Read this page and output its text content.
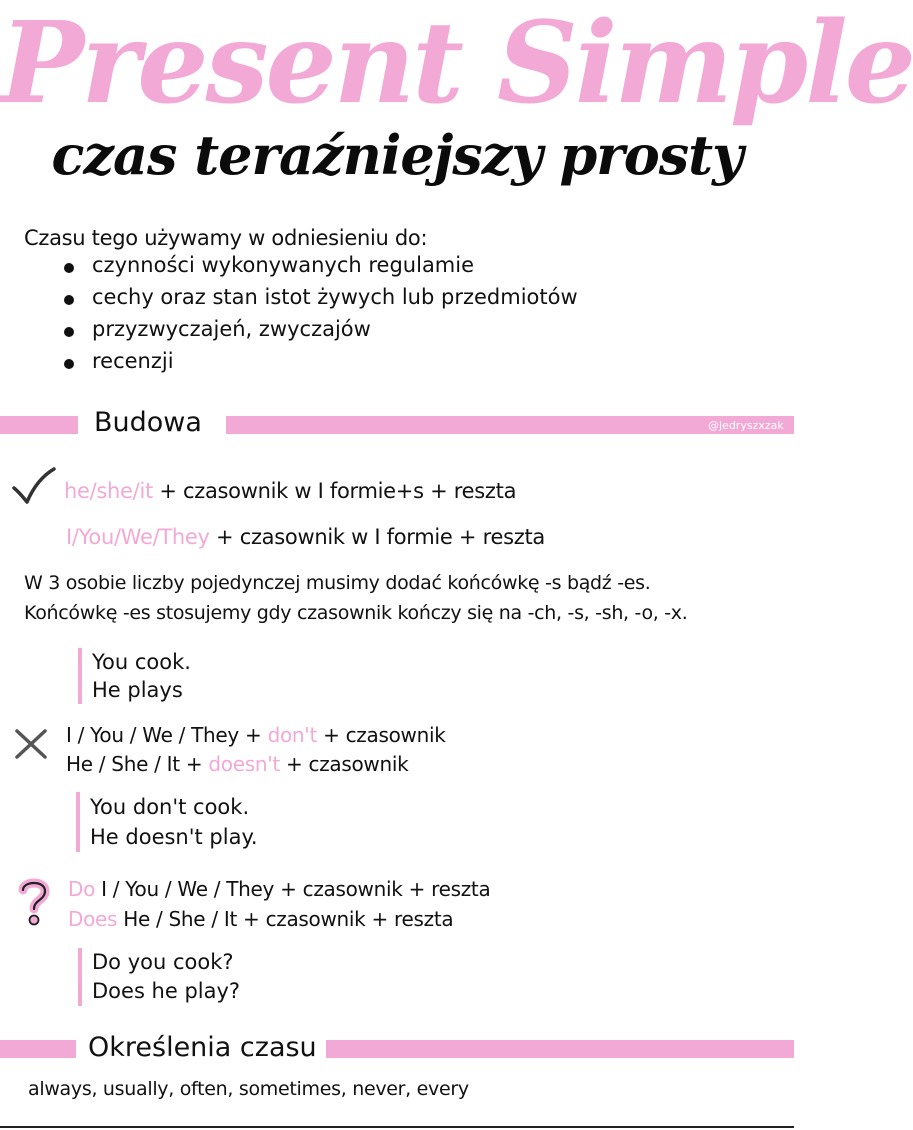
Present Simple
czas teraźniejszy prosty
Czasu tego używamy w odniesieniu do:
czynności wykonywanych regulamie
cechy oraz stan istot żywych lub przedmiotów
przyzwyczajeń, zwyczajów
recenzji
Budowa	@jedryszxzak
he/she/it + czasownik w I formie+s + reszta
I/You/We/They + czasownik w I formie + reszta
W 3 osobie liczby pojedynczej musimy dodać końcówkę -s bądź -es.
Końcówkę -es stosujemy gdy czasownik kończy się na -ch, -s, -sh, -o, -x.
You cook.
He plays
I / You / We / They + don't + czasownik
He / She / It + doesn't + czasownik
You don't cook.
He doesn't play.
Do I / You / We / They + czasownik + reszta
Does He / She / It + czasownik + reszta
Do you cook?
Does he play?
Określenia czasu
always, usually, often, sometimes, never, every
